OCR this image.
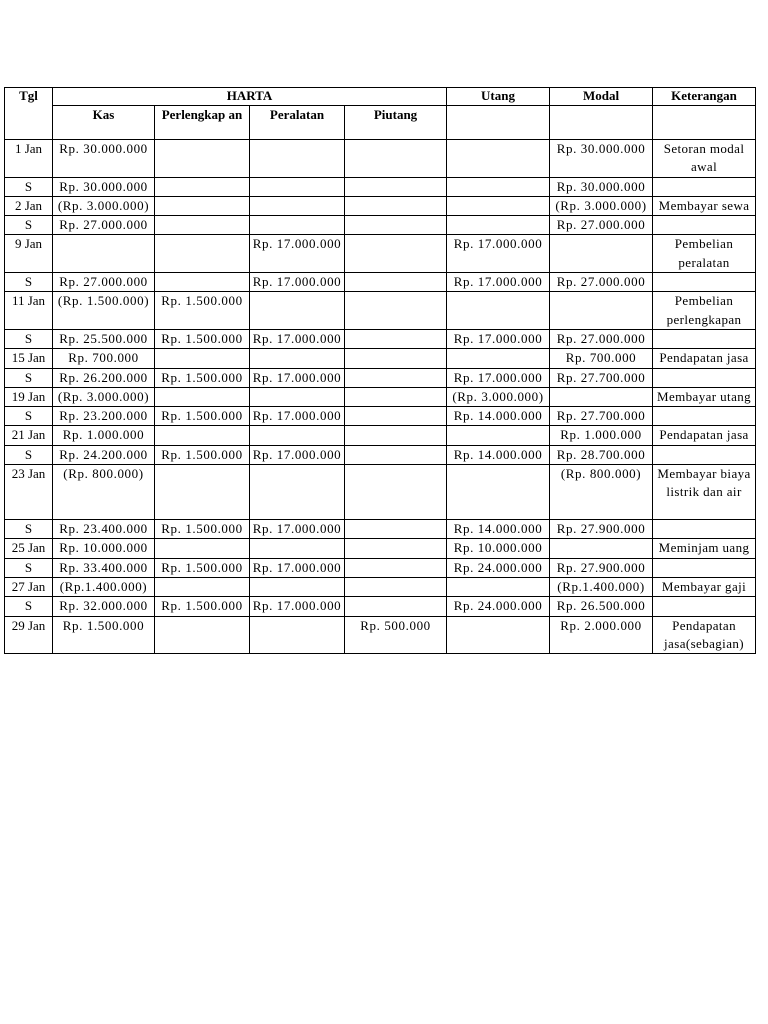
Tgl	HARTA				Utang	Modal	Keterangan
	Kas	Perlengkap an	Peralatan	Piutang			
1 Jan	Rp. 30.000.000					Rp. 30.000.000	Setoran modal awal
S	Rp. 30.000.000					Rp. 30.000.000	
2 Jan	(Rp. 3.000.000)					(Rp. 3.000.000)	Membayar sewa
S	Rp. 27.000.000					Rp. 27.000.000	
9 Jan			Rp. 17.000.000		Rp. 17.000.000		Pembelian peralatan
S	Rp. 27.000.000		Rp. 17.000.000		Rp. 17.000.000	Rp. 27.000.000	
11 Jan	(Rp. 1.500.000)	Rp. 1.500.000					Pembelian perlengkapan
S	Rp. 25.500.000	Rp. 1.500.000	Rp. 17.000.000		Rp. 17.000.000	Rp. 27.000.000	
15 Jan	Rp. 700.000					Rp. 700.000	Pendapatan jasa
S	Rp. 26.200.000	Rp. 1.500.000	Rp. 17.000.000		Rp. 17.000.000	Rp. 27.700.000	
19 Jan	(Rp. 3.000.000)				(Rp. 3.000.000)		Membayar utang
S	Rp. 23.200.000	Rp. 1.500.000	Rp. 17.000.000		Rp. 14.000.000	Rp. 27.700.000	
21 Jan	Rp. 1.000.000					Rp. 1.000.000	Pendapatan jasa
S	Rp. 24.200.000	Rp. 1.500.000	Rp. 17.000.000		Rp. 14.000.000	Rp. 28.700.000	
23 Jan	(Rp. 800.000)					(Rp. 800.000)	Membayar biaya listrik dan air
S	Rp. 23.400.000	Rp. 1.500.000	Rp. 17.000.000		Rp. 14.000.000	Rp. 27.900.000	
25 Jan	Rp. 10.000.000				Rp. 10.000.000		Meminjam uang
S	Rp. 33.400.000	Rp. 1.500.000	Rp. 17.000.000		Rp. 24.000.000	Rp. 27.900.000	
27 Jan	(Rp.1.400.000)					(Rp.1.400.000)	Membayar gaji
S	Rp. 32.000.000	Rp. 1.500.000	Rp. 17.000.000		Rp. 24.000.000	Rp. 26.500.000	
29 Jan	Rp. 1.500.000			Rp. 500.000		Rp. 2.000.000	Pendapatan jasa(sebagian)
